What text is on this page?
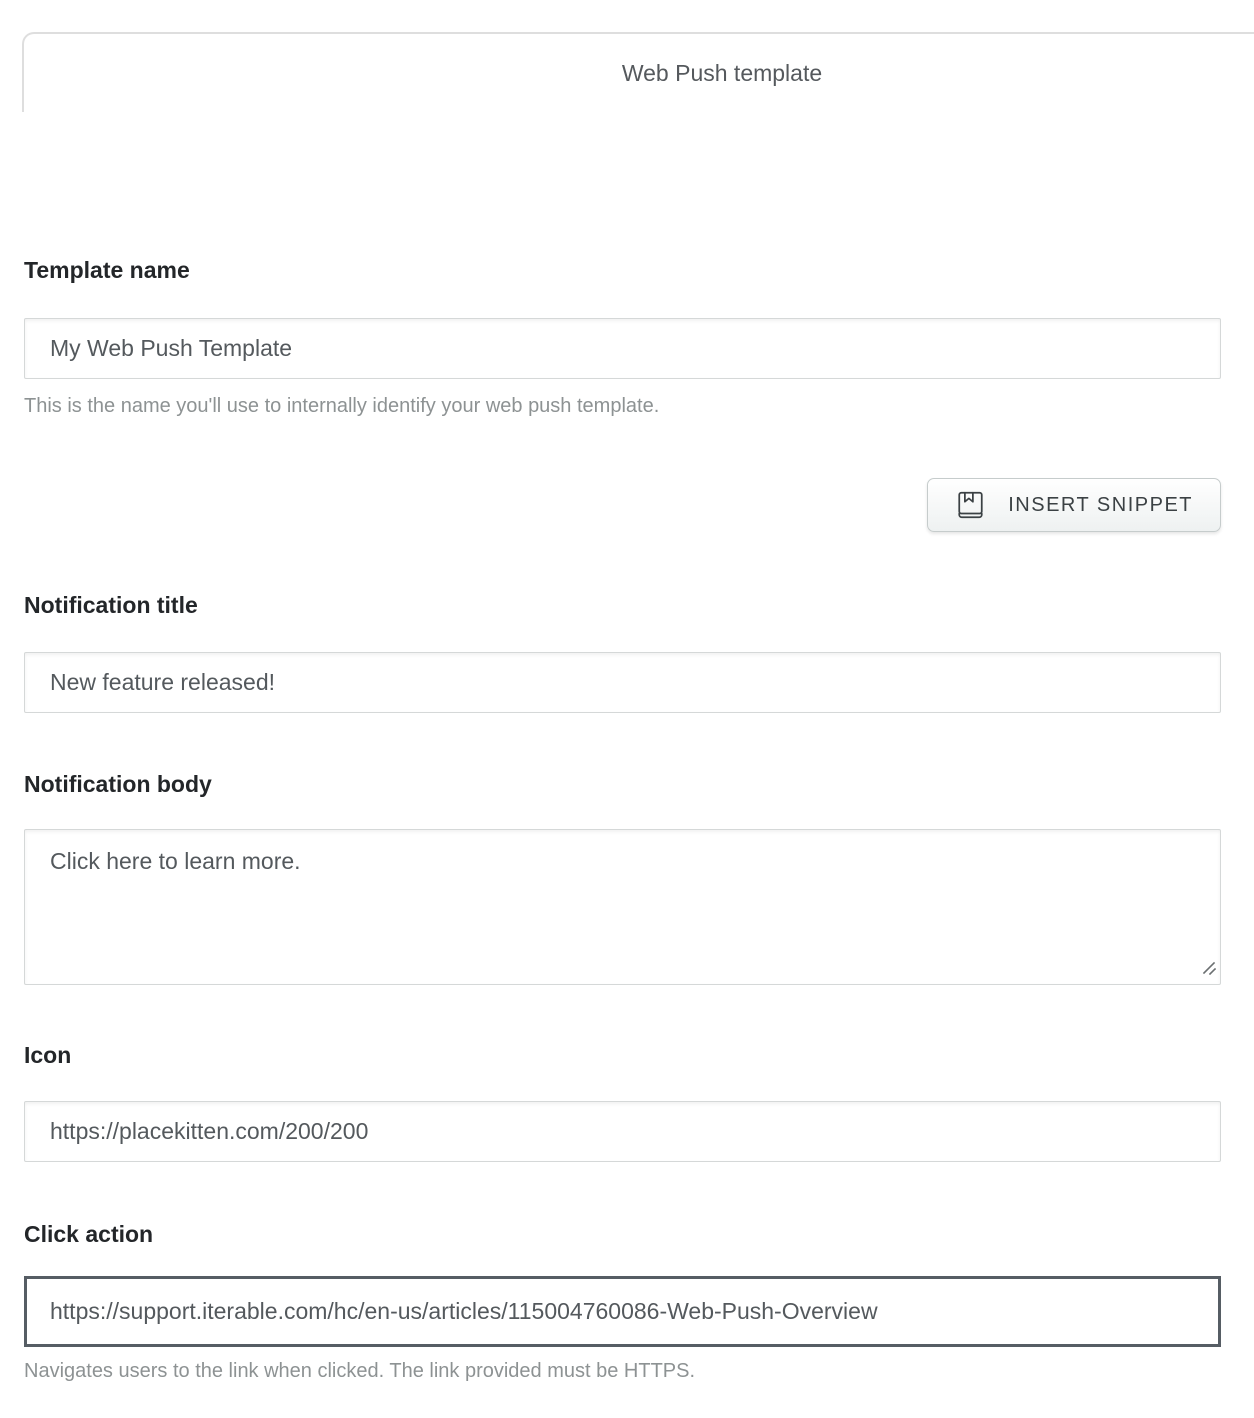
Web Push template
Template name
My Web Push Template
This is the name you'll use to internally identify your web push template.
INSERT SNIPPET
Notification title
New feature released!
Notification body
Click here to learn more.
Icon
https://placekitten.com/200/200
Click action
https://support.iterable.com/hc/en-us/articles/115004760086-Web-Push-Overview
Navigates users to the link when clicked. The link provided must be HTTPS.
